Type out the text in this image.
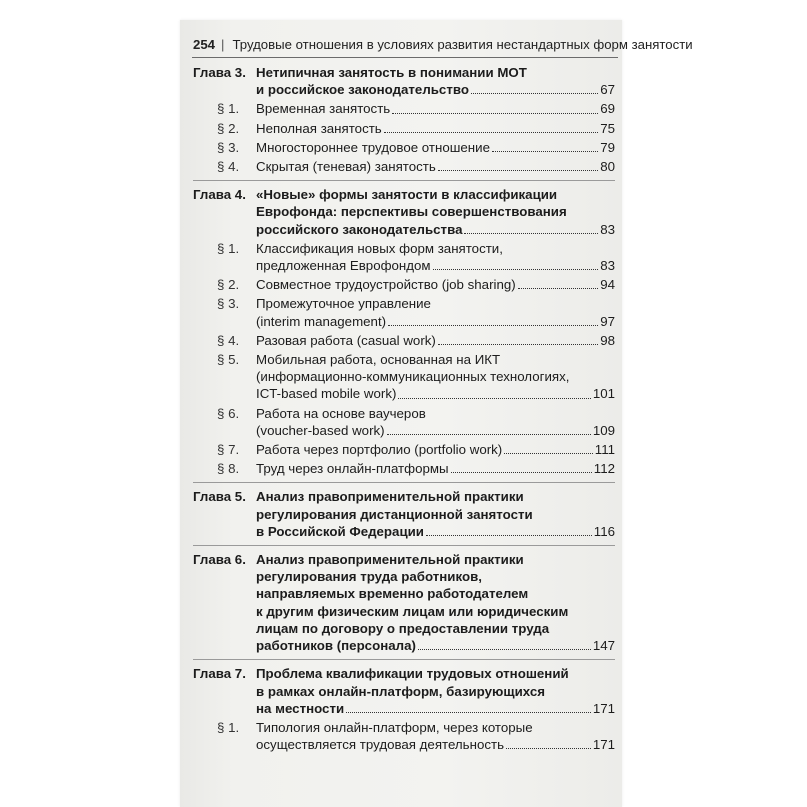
254 | Трудовые отношения в условиях развития нестандартных форм занятости
Глава 3. Нетипичная занятость в понимании МОТ
и российское законодательство	67
§ 1.	Временная занятость	69
§ 2.	Неполная занятость	75
§ 3.	Многостороннее трудовое отношение	79
§ 4.	Скрытая (теневая) занятость	80
Глава 4. «Новые» формы занятости в классификации
Еврофонда: перспективы совершенствования
российского законодательства	83
§ 1.	Классификация новых форм занятости,
предложенная Еврофондом	83
§ 2.	Совместное трудоустройство (job sharing)	94
§ 3.	Промежуточное управление
(interim management)	97
§ 4.	Разовая работа (casual work)	98
§ 5.	Мобильная работа, основанная на ИКТ
(информационно-коммуникационных технологиях,
ICT-based mobile work)	101
§ 6.	Работа на основе ваучеров
(voucher-based work)	109
§ 7.	Работа через портфолио (portfolio work)	111
§ 8.	Труд через онлайн-платформы	112
Глава 5. Анализ правоприменительной практики
регулирования дистанционной занятости
в Российской Федерации	116
Глава 6. Анализ правоприменительной практики
регулирования труда работников,
направляемых временно работодателем
к другим физическим лицам или юридическим
лицам по договору о предоставлении труда
работников (персонала)	147
Глава 7. Проблема квалификации трудовых отношений
в рамках онлайн-платформ, базирующихся
на местности	171
§ 1.	Типология онлайн-платформ, через которые
осуществляется трудовая деятельность	171
